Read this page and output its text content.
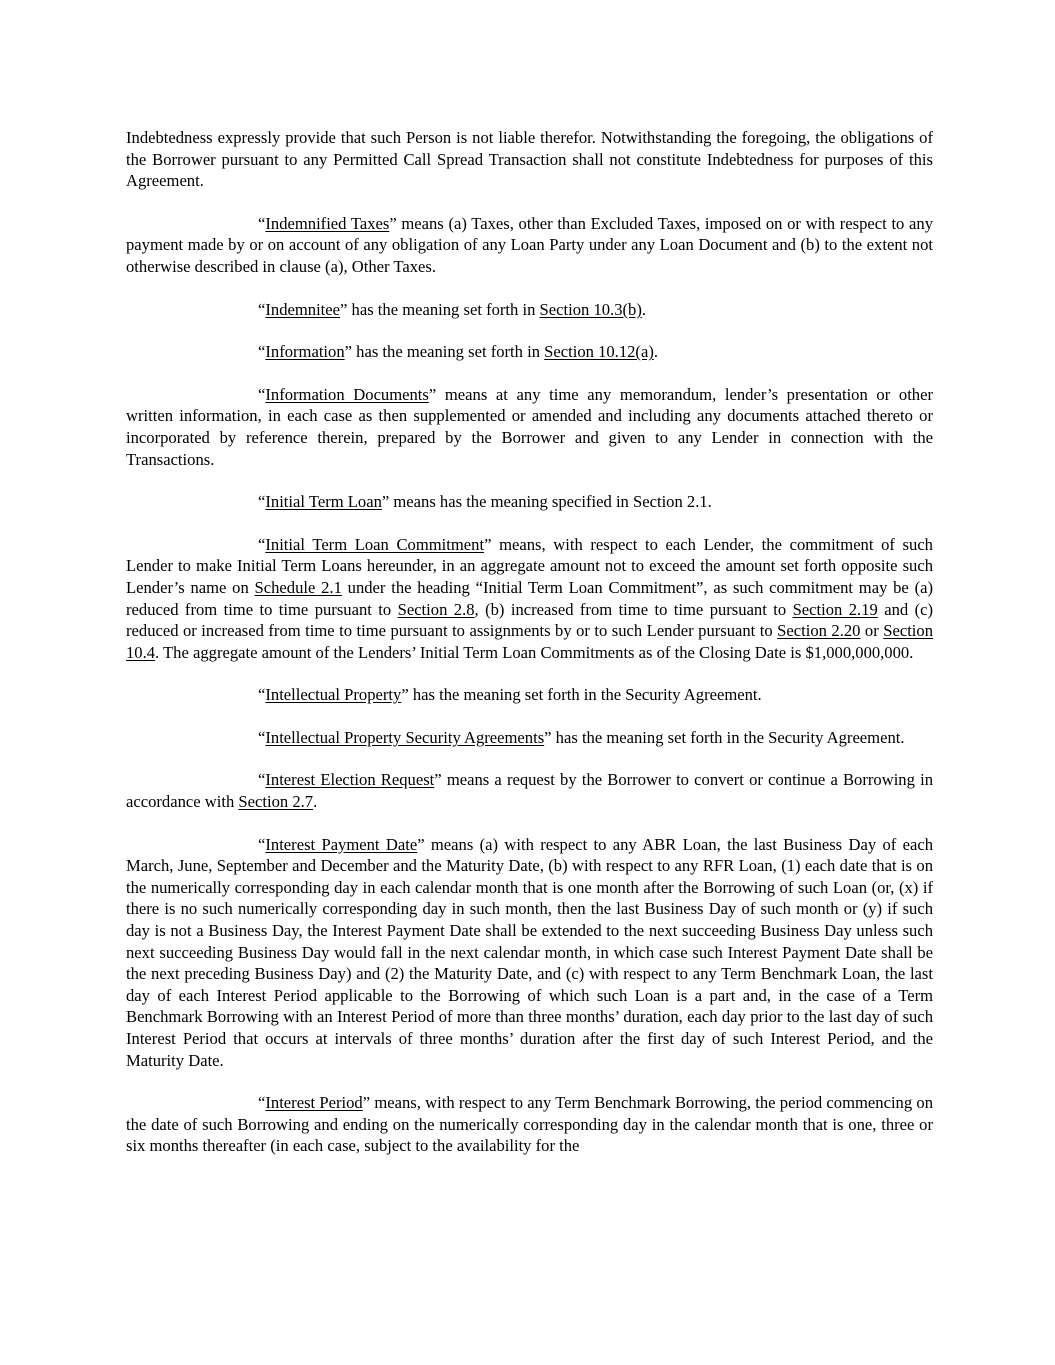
Indebtedness expressly provide that such Person is not liable therefor. Notwithstanding the foregoing, the obligations of the Borrower pursuant to any Permitted Call Spread Transaction shall not constitute Indebtedness for purposes of this Agreement.

“Indemnified Taxes” means (a) Taxes, other than Excluded Taxes, imposed on or with respect to any payment made by or on account of any obligation of any Loan Party under any Loan Document and (b) to the extent not otherwise described in clause (a), Other Taxes.

“Indemnitee” has the meaning set forth in Section 10.3(b).

“Information” has the meaning set forth in Section 10.12(a).

“Information Documents” means at any time any memorandum, lender’s presentation or other written information, in each case as then supplemented or amended and including any documents attached thereto or incorporated by reference therein, prepared by the Borrower and given to any Lender in connection with the Transactions.

“Initial Term Loan” means has the meaning specified in Section 2.1.

“Initial Term Loan Commitment” means, with respect to each Lender, the commitment of such Lender to make Initial Term Loans hereunder, in an aggregate amount not to exceed the amount set forth opposite such Lender’s name on Schedule 2.1 under the heading “Initial Term Loan Commitment”, as such commitment may be (a) reduced from time to time pursuant to Section 2.8, (b) increased from time to time pursuant to Section 2.19 and (c) reduced or increased from time to time pursuant to assignments by or to such Lender pursuant to Section 2.20 or Section 10.4. The aggregate amount of the Lenders’ Initial Term Loan Commitments as of the Closing Date is $1,000,000,000.

“Intellectual Property” has the meaning set forth in the Security Agreement.

“Intellectual Property Security Agreements” has the meaning set forth in the Security Agreement.

“Interest Election Request” means a request by the Borrower to convert or continue a Borrowing in accordance with Section 2.7.

“Interest Payment Date” means (a) with respect to any ABR Loan, the last Business Day of each March, June, September and December and the Maturity Date, (b) with respect to any RFR Loan, (1) each date that is on the numerically corresponding day in each calendar month that is one month after the Borrowing of such Loan (or, (x) if there is no such numerically corresponding day in such month, then the last Business Day of such month or (y) if such day is not a Business Day, the Interest Payment Date shall be extended to the next succeeding Business Day unless such next succeeding Business Day would fall in the next calendar month, in which case such Interest Payment Date shall be the next preceding Business Day) and (2) the Maturity Date, and (c) with respect to any Term Benchmark Loan, the last day of each Interest Period applicable to the Borrowing of which such Loan is a part and, in the case of a Term Benchmark Borrowing with an Interest Period of more than three months’ duration, each day prior to the last day of such Interest Period that occurs at intervals of three months’ duration after the first day of such Interest Period, and the Maturity Date.

“Interest Period” means, with respect to any Term Benchmark Borrowing, the period commencing on the date of such Borrowing and ending on the numerically corresponding day in the calendar month that is one, three or six months thereafter (in each case, subject to the availability for the
